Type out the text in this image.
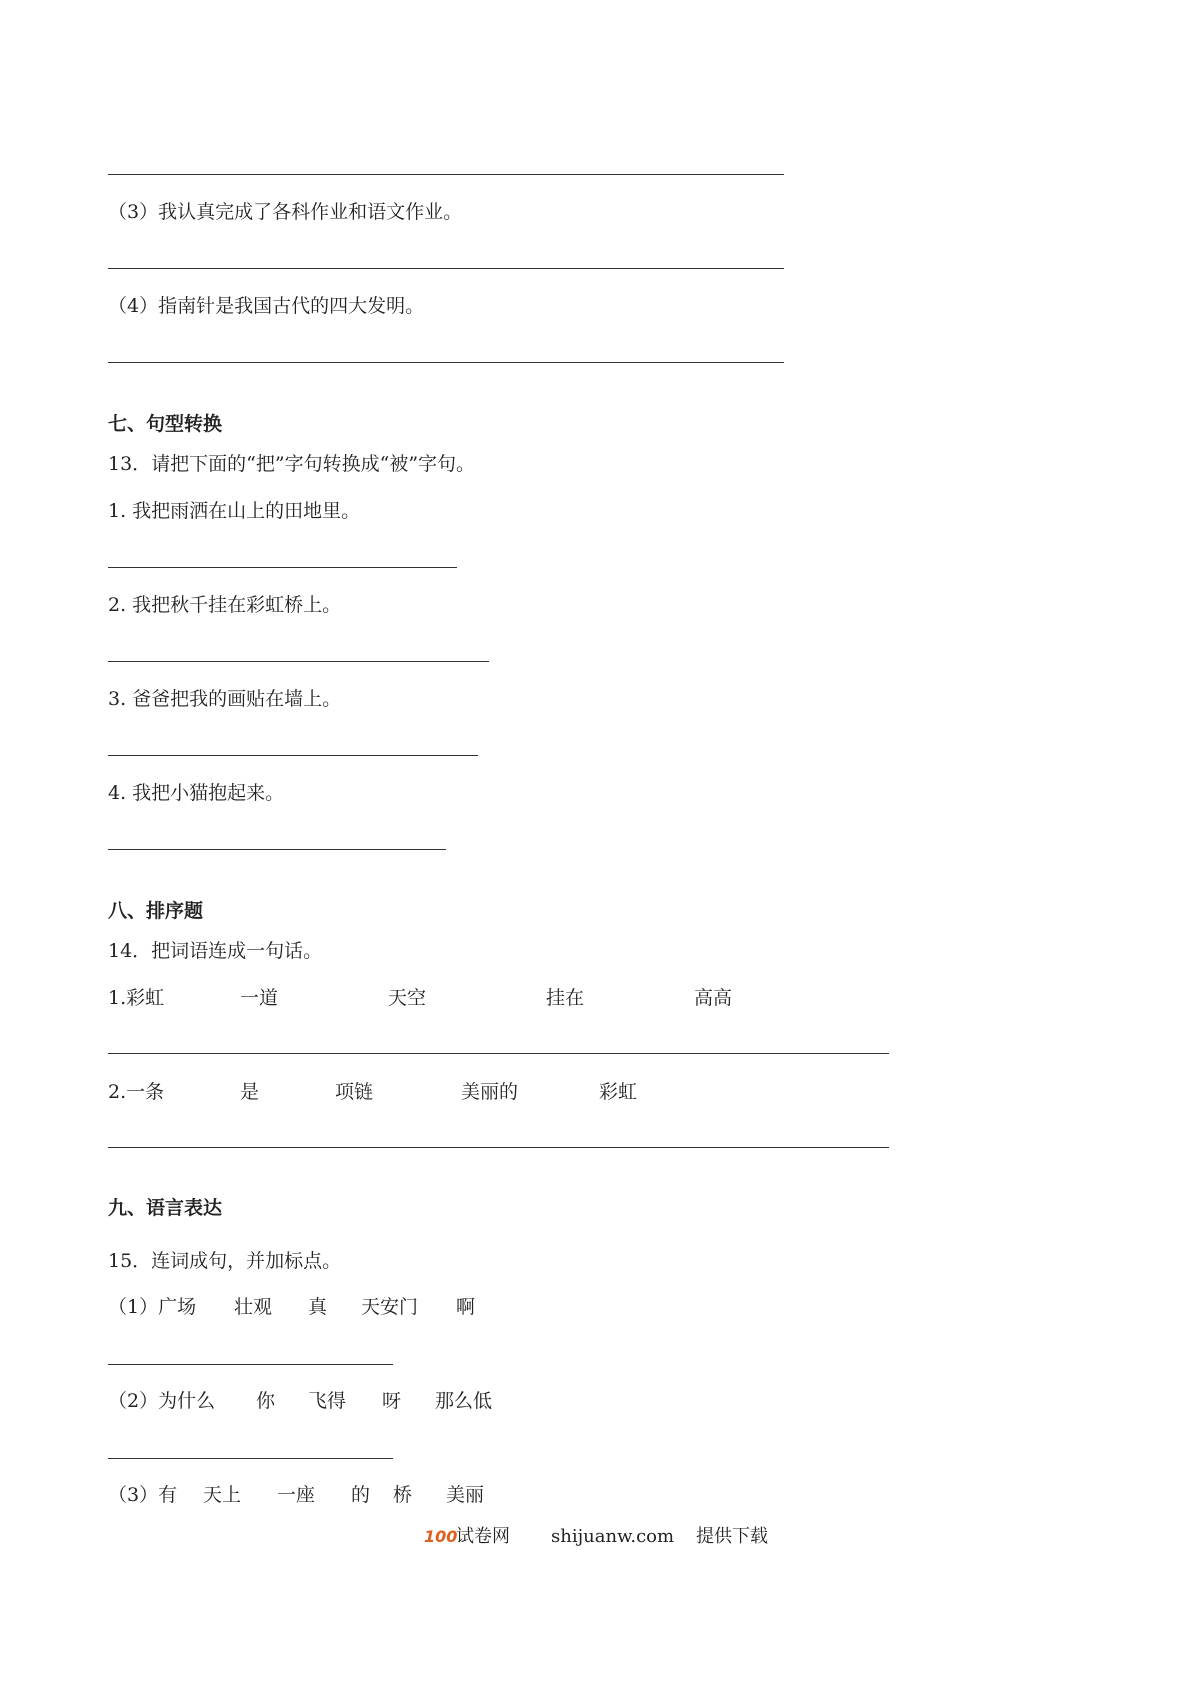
（3）我认真完成了各科作业和语文作业。
（4）指南针是我国古代的四大发明。
七、句型转换
13．请把下面的“把”字句转换成“被”字句。
1. 我把雨洒在山上的田地里。
2. 我把秋千挂在彩虹桥上。
3. 爸爸把我的画贴在墙上。
4. 我把小猫抱起来。
八、排序题
14．把词语连成一句话。
1.彩虹	一道	天空	挂在	高高
2.一条	是	项链	美丽的	彩虹
九、语言表达
15．连词成句，并加标点。
（1）广场 壮观 真 天安门 啊
（2）为什么 你 飞得 呀 那么低
（3）有 天上 一座 的 桥 美丽
100
试卷网 shijuanw.com 提供下载
